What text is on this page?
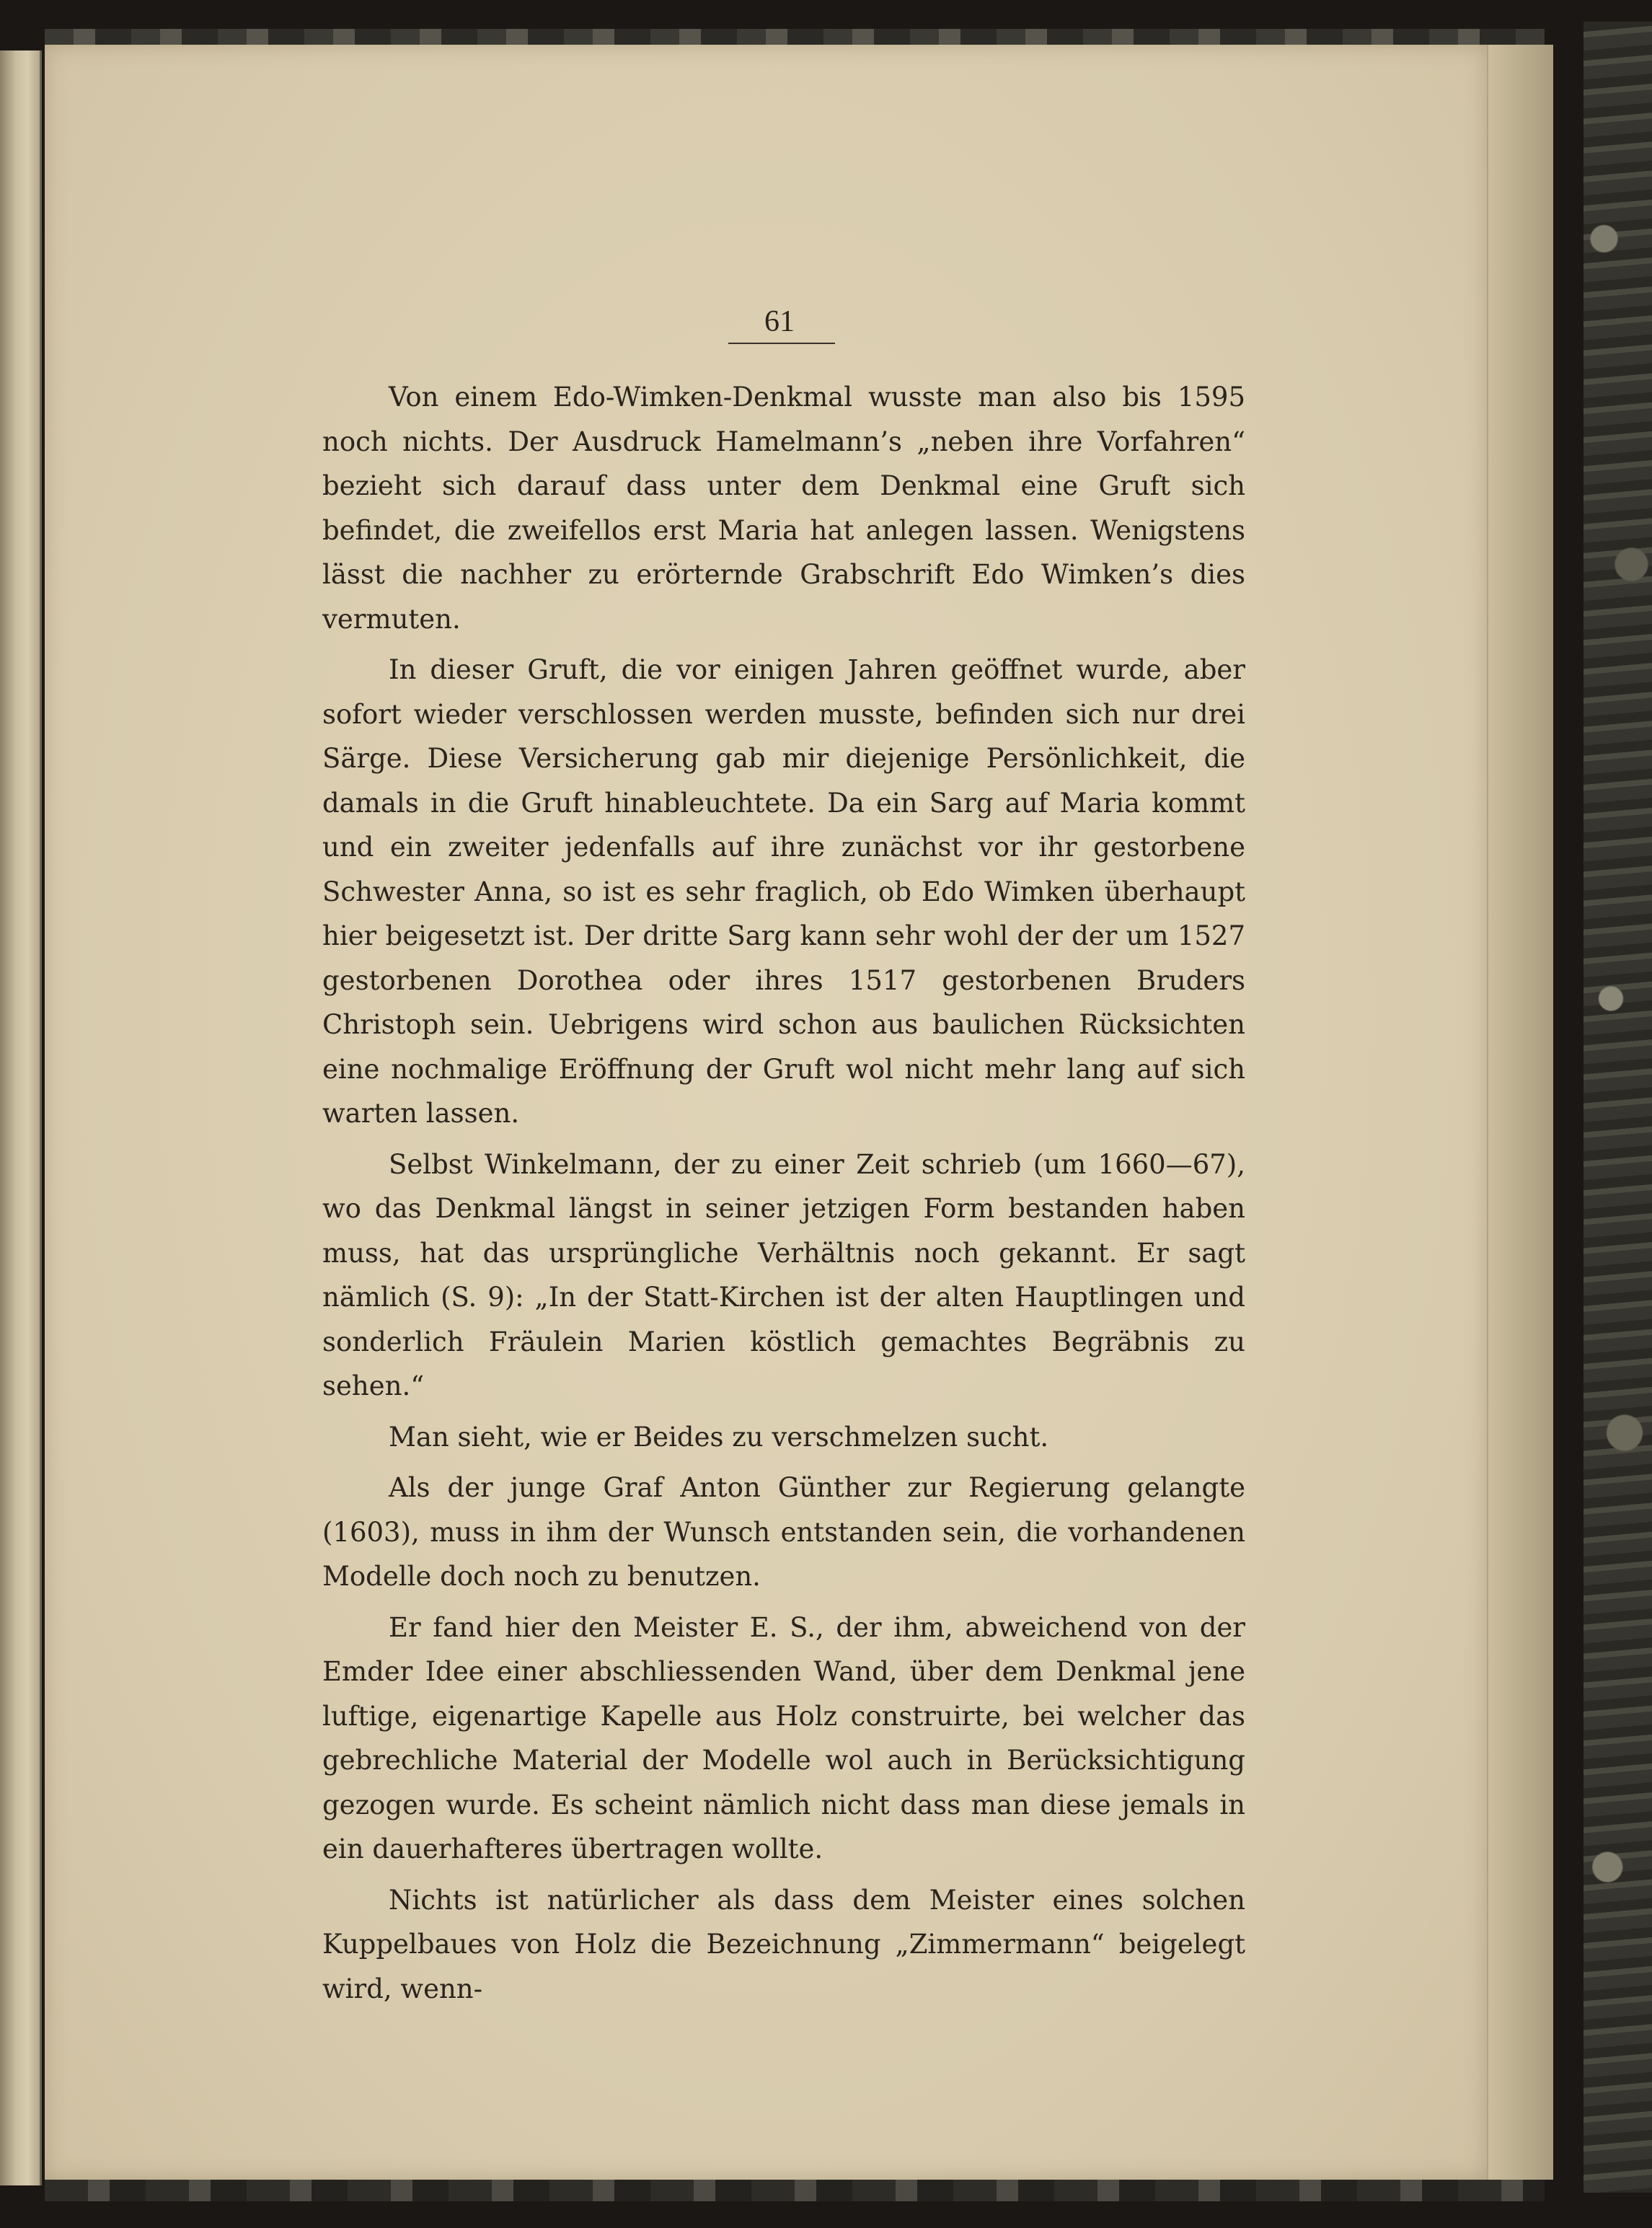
61

Von einem Edo-Wimken-Denkmal wusste man also bis 1595 noch nichts. Der Ausdruck Hamelmann’s „neben ihre Vorfahren“ bezieht sich darauf dass unter dem Denkmal eine Gruft sich befindet, die zweifellos erst Maria hat anlegen lassen. Wenigstens lässt die nachher zu erörternde Grabschrift Edo Wimken’s dies vermuten.

In dieser Gruft, die vor einigen Jahren geöffnet wurde, aber sofort wieder verschlossen werden musste, befinden sich nur drei Särge. Diese Versicherung gab mir diejenige Persönlichkeit, die damals in die Gruft hinableuchtete. Da ein Sarg auf Maria kommt und ein zweiter jedenfalls auf ihre zunächst vor ihr gestorbene Schwester Anna, so ist es sehr fraglich, ob Edo Wimken überhaupt hier beigesetzt ist. Der dritte Sarg kann sehr wohl der der um 1527 gestorbenen Dorothea oder ihres 1517 gestorbenen Bruders Christoph sein. Uebrigens wird schon aus baulichen Rücksichten eine nochmalige Eröffnung der Gruft wol nicht mehr lang auf sich warten lassen.

Selbst Winkelmann, der zu einer Zeit schrieb (um 1660—67), wo das Denkmal längst in seiner jetzigen Form bestanden haben muss, hat das ursprüngliche Verhältnis noch gekannt. Er sagt nämlich (S. 9): „In der Statt-Kirchen ist der alten Hauptlingen und sonderlich Fräulein Marien köstlich gemachtes Begräbnis zu sehen.“

Man sieht, wie er Beides zu verschmelzen sucht.

Als der junge Graf Anton Günther zur Regierung gelangte (1603), muss in ihm der Wunsch entstanden sein, die vorhandenen Modelle doch noch zu benutzen.

Er fand hier den Meister E. S., der ihm, abweichend von der Emder Idee einer abschliessenden Wand, über dem Denkmal jene luftige, eigenartige Kapelle aus Holz construirte, bei welcher das gebrechliche Material der Modelle wol auch in Berücksichtigung gezogen wurde. Es scheint nämlich nicht dass man diese jemals in ein dauerhafteres übertragen wollte.

Nichts ist natürlicher als dass dem Meister eines solchen Kuppelbaues von Holz die Bezeichnung „Zimmermann“ beigelegt wird, wenn-
